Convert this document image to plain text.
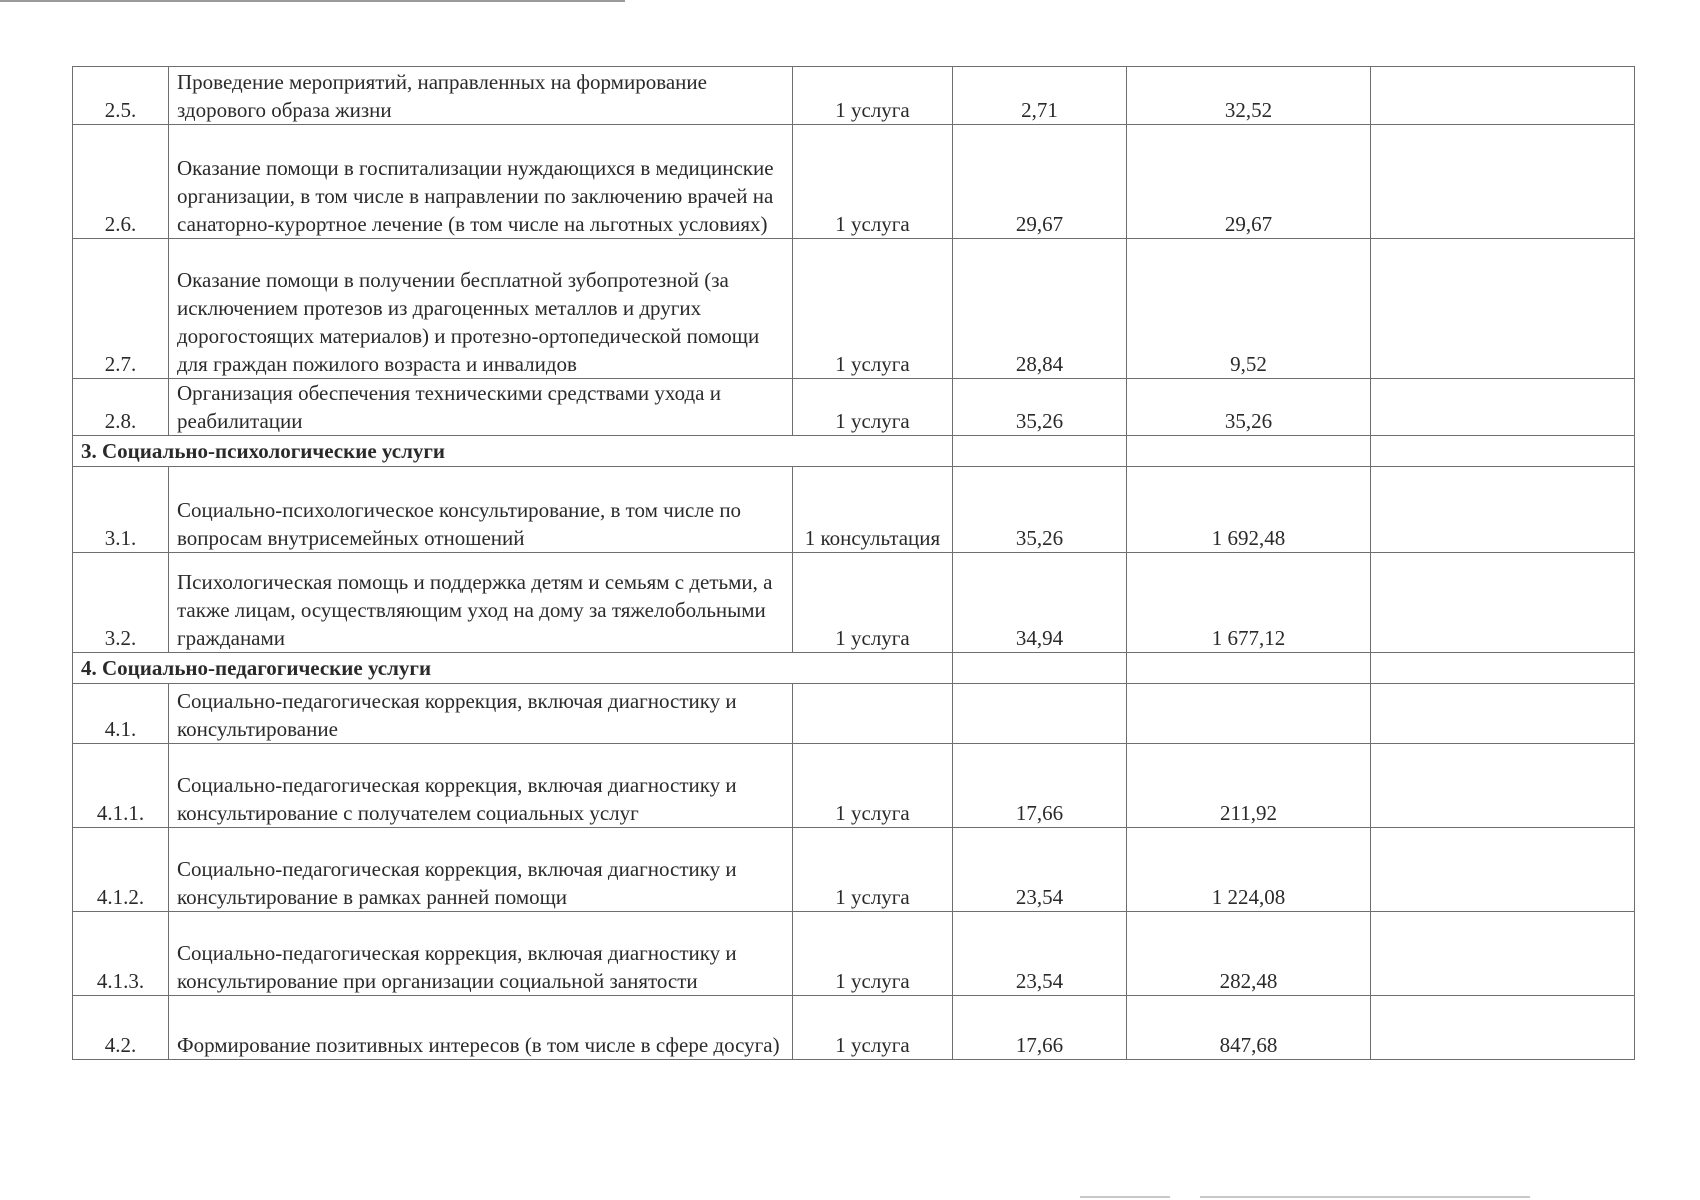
2.5.	Проведение мероприятий, направленных на формирование здорового образа жизни	1 услуга	2,71	32,52	
2.6.	Оказание помощи в госпитализации нуждающихся в медицинские организации, в том числе в направлении по заключению врачей на санаторно-курортное лечение (в том числе на льготных условиях)	1 услуга	29,67	29,67	
2.7.	Оказание помощи в получении бесплатной зубопротезной (за исключением протезов из драгоценных металлов и других дорогостоящих материалов) и протезно-ортопедической помощи для граждан пожилого возраста и инвалидов	1 услуга	28,84	9,52	
2.8.	Организация обеспечения техническими средствами ухода и реабилитации	1 услуга	35,26	35,26	
3. Социально-психологические услуги					
3.1.	Социально-психологическое консультирование, в том числе по вопросам внутрисемейных отношений	1 консультация	35,26	1 692,48	
3.2.	Психологическая помощь и поддержка детям и семьям с детьми, а также лицам, осуществляющим уход на дому за тяжелобольными гражданами	1 услуга	34,94	1 677,12	
4. Социально-педагогические услуги					
4.1.	Социально-педагогическая коррекция, включая диагностику и консультирование				
4.1.1.	Социально-педагогическая коррекция, включая диагностику и консультирование с получателем социальных услуг	1 услуга	17,66	211,92	
4.1.2.	Социально-педагогическая коррекция, включая диагностику и консультирование в рамках ранней помощи	1 услуга	23,54	1 224,08	
4.1.3.	Социально-педагогическая коррекция, включая диагностику и консультирование при организации социальной занятости	1 услуга	23,54	282,48	
4.2.	Формирование позитивных интересов (в том числе в сфере досуга)	1 услуга	17,66	847,68	
